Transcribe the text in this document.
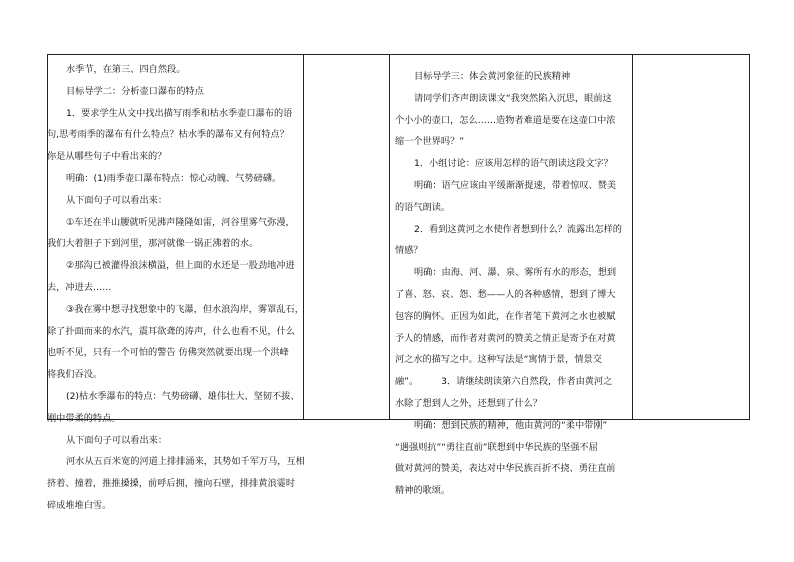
水季节，在第三、四自然段。

目标导学二：分析壶口瀑布的特点

1．要求学生从文中找出描写雨季和枯水季壶口瀑布的语

句,思考雨季的瀑布有什么特点？枯水季的瀑布又有何特点？

你是从哪些句子中看出来的？

明确：(1)雨季壶口瀑布特点：惊心动魄、气势磅礴。

从下面句子可以看出来：

①车还在半山腰就听见沸声隆隆如雷，河谷里雾气弥漫，

我们大着胆子下到河里，那河就像一锅正沸着的水。

②那沟已被灌得浪沫横溢，但上面的水还是一股劲地冲进

去，冲进去……

③我在雾中想寻找想象中的飞瀑，但水浪沟岸，雾罩乱石，

除了扑面而来的水汽，震耳欲聋的涛声，什么也看不见，什么

也听不见，只有一个可怕的警告 仿佛突然就要出现一个洪峰

将我们吞没。

(2)枯水季瀑布的特点：气势磅礴、雄伟壮大、坚韧不拔、

刚中带柔的特点。

从下面句子可以看出来：

河水从五百米宽的河道上排排涌来，其势如千军万马，互相

挤着、撞着，推推搡搡，前呼后拥，撞向石壁，排排黄浪霎时

碎成堆堆白雪。

目标导学三：体会黄河象征的民族精神

请同学们齐声朗读课文“我突然陷入沉思，眼前这

个小小的壶口，怎么……造物者难道是要在这壶口中浓

缩一个世界吗？”

1．小组讨论：应该用怎样的语气朗读这段文字？

明确：语气应该由平缓渐渐提速，带着惊叹、赞美

的语气朗读。

2．看到这黄河之水使作者想到什么？流露出怎样的

情感？

明确：由海、河、瀑、泉、雾所有水的形态，想到

了喜、怒、哀、怨、愁——人的各种感情，想到了博大

包容的胸怀。正因为如此，在作者笔下黄河之水也被赋

予人的情感，而作者对黄河的赞美之情正是寄予在对黄

河之水的描写之中。这种写法是“寓情于景，情景交

融”。　　　3．请继续朗读第六自然段，作者由黄河之

水除了想到人之外，还想到了什么？

明确：想到民族的精神，他由黄河的“柔中带刚”

“遇强则抗”“勇往直前”联想到中华民族的坚强不屈

做对黄河的赞美，表达对中华民族百折不挠、勇往直前

精神的歌颂。
